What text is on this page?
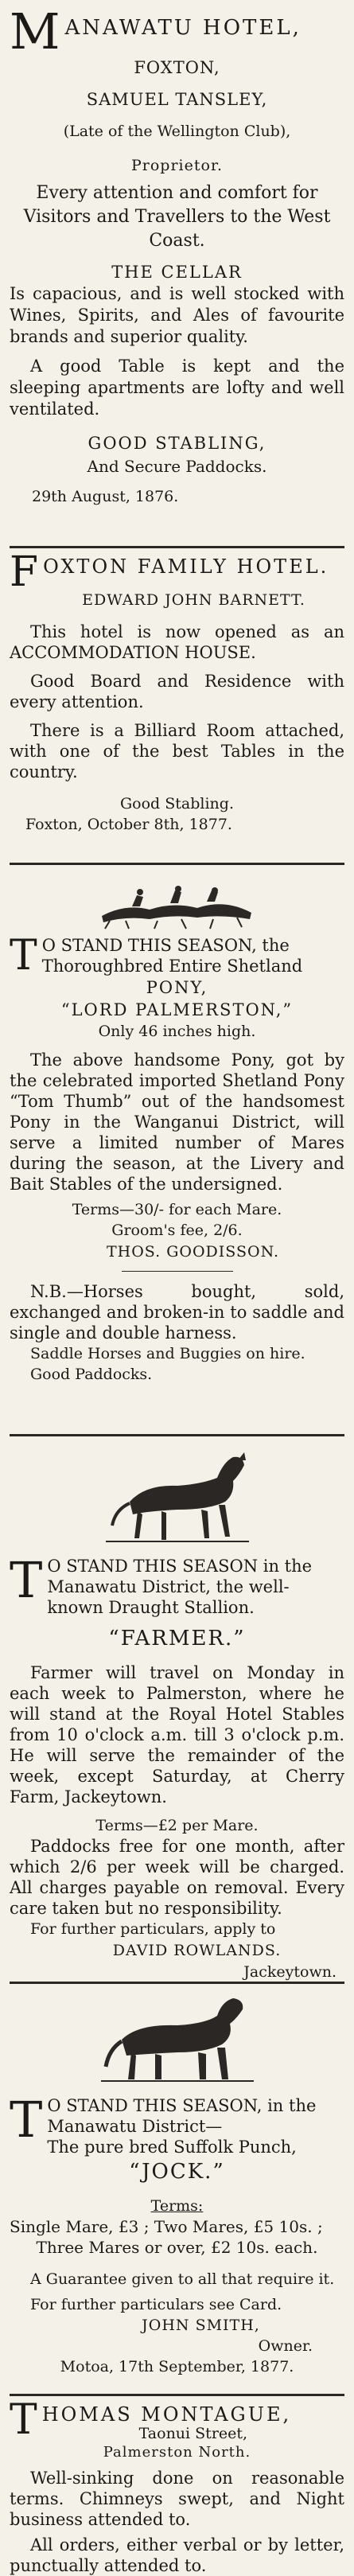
M ANAWATU HOTEL,
FOXTON,
SAMUEL TANSLEY,
(Late of the Wellington Club),
Proprietor.

Every attention and comfort for Visitors and Travellers to the West Coast.

THE CELLAR

Is capacious, and is well stocked with Wines, Spirits, and Ales of favourite brands and superior quality.

A good Table is kept and the sleeping apartments are lofty and well ventilated.

GOOD STABLING,
And Secure Paddocks.
29th August, 1876.
F OXTON FAMILY HOTEL.
EDWARD JOHN BARNETT.

This hotel is now opened as an ACCOMMODATION HOUSE.

Good Board and Residence with every attention.

There is a Billiard Room attached, with one of the best Tables in the country.

Good Stabling.
Foxton, October 8th, 1877.
T O STAND THIS SEASON, the
Thoroughbred Entire Shetland
PONY,
“LORD PALMERSTON,”
Only 46 inches high.

The above handsome Pony, got by the celebrated imported Shetland Pony “Tom Thumb” out of the handsomest Pony in the Wanganui District, will serve a limited number of Mares during the season, at the Livery and Bait Stables of the undersigned.

Terms—30/- for each Mare.
Groom's fee, 2/6.
THOS. GOODISSON.

N.B.—Horses bought, sold, exchanged and broken-in to saddle and single and double harness.

Saddle Horses and Buggies on hire.
Good Paddocks.
T O STAND THIS SEASON in the
Manawatu District, the well-
known Draught Stallion.
“FARMER.”

Farmer will travel on Monday in each week to Palmerston, where he will stand at the Royal Hotel Stables from 10 o'clock a.m. till 3 o'clock p.m. He will serve the remainder of the week, except Saturday, at Cherry Farm, Jackeytown.

Terms—£2 per Mare.

Paddocks free for one month, after which 2/6 per week will be charged. All charges payable on removal. Every care taken but no responsibility.

For further particulars, apply to
DAVID ROWLANDS.
Jackeytown.
T O STAND THIS SEASON, in the
Manawatu District—
The pure bred Suffolk Punch,
“JOCK.”
Terms:
Single Mare, £3 ; Two Mares, £5 10s. ;
Three Mares or over, £2 10s. each.
A Guarantee given to all that require it.
For further particulars see Card.
JOHN SMITH,
Owner.
Motoa, 17th September, 1877.
T HOMAS MONTAGUE,
Taonui Street,
Palmerston North.

Well-sinking done on reasonable terms. Chimneys swept, and Night business attended to.

All orders, either verbal or by letter, punctually attended to.
